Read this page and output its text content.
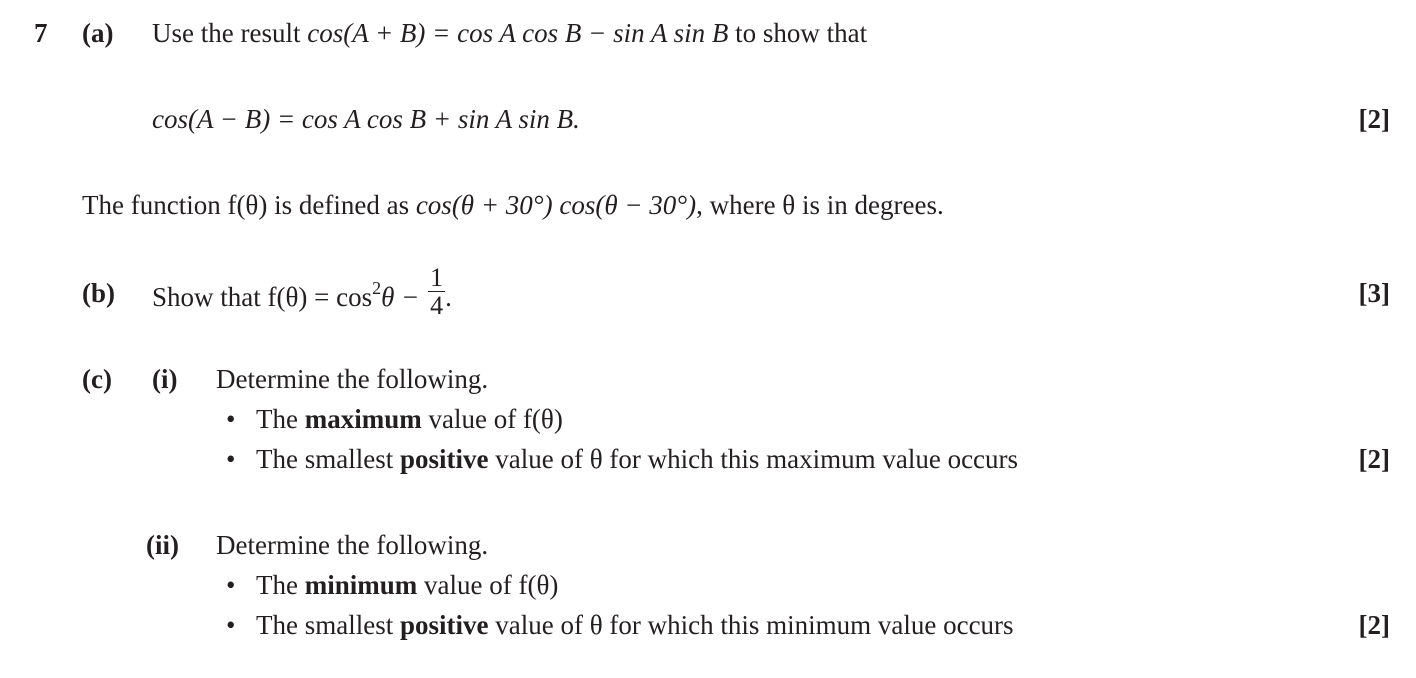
7 (a) Use the result cos(A + B) = cos A cos B − sin A sin B to show that
cos(A − B) = cos A cos B + sin A sin B.	[2]
The function f(θ) is defined as cos(θ + 30°) cos(θ − 30°), where θ is in degrees.
(b) Show that $f(\theta) = \cos^2\theta - \frac{1}{4}$ .	[3]
(c) (i) Determine the following.
• The maximum value of f(θ)
• The smallest positive value of θ for which this maximum value occurs	[2]
(ii) Determine the following.
• The minimum value of f(θ)
• The smallest positive value of θ for which this minimum value occurs	[2]
